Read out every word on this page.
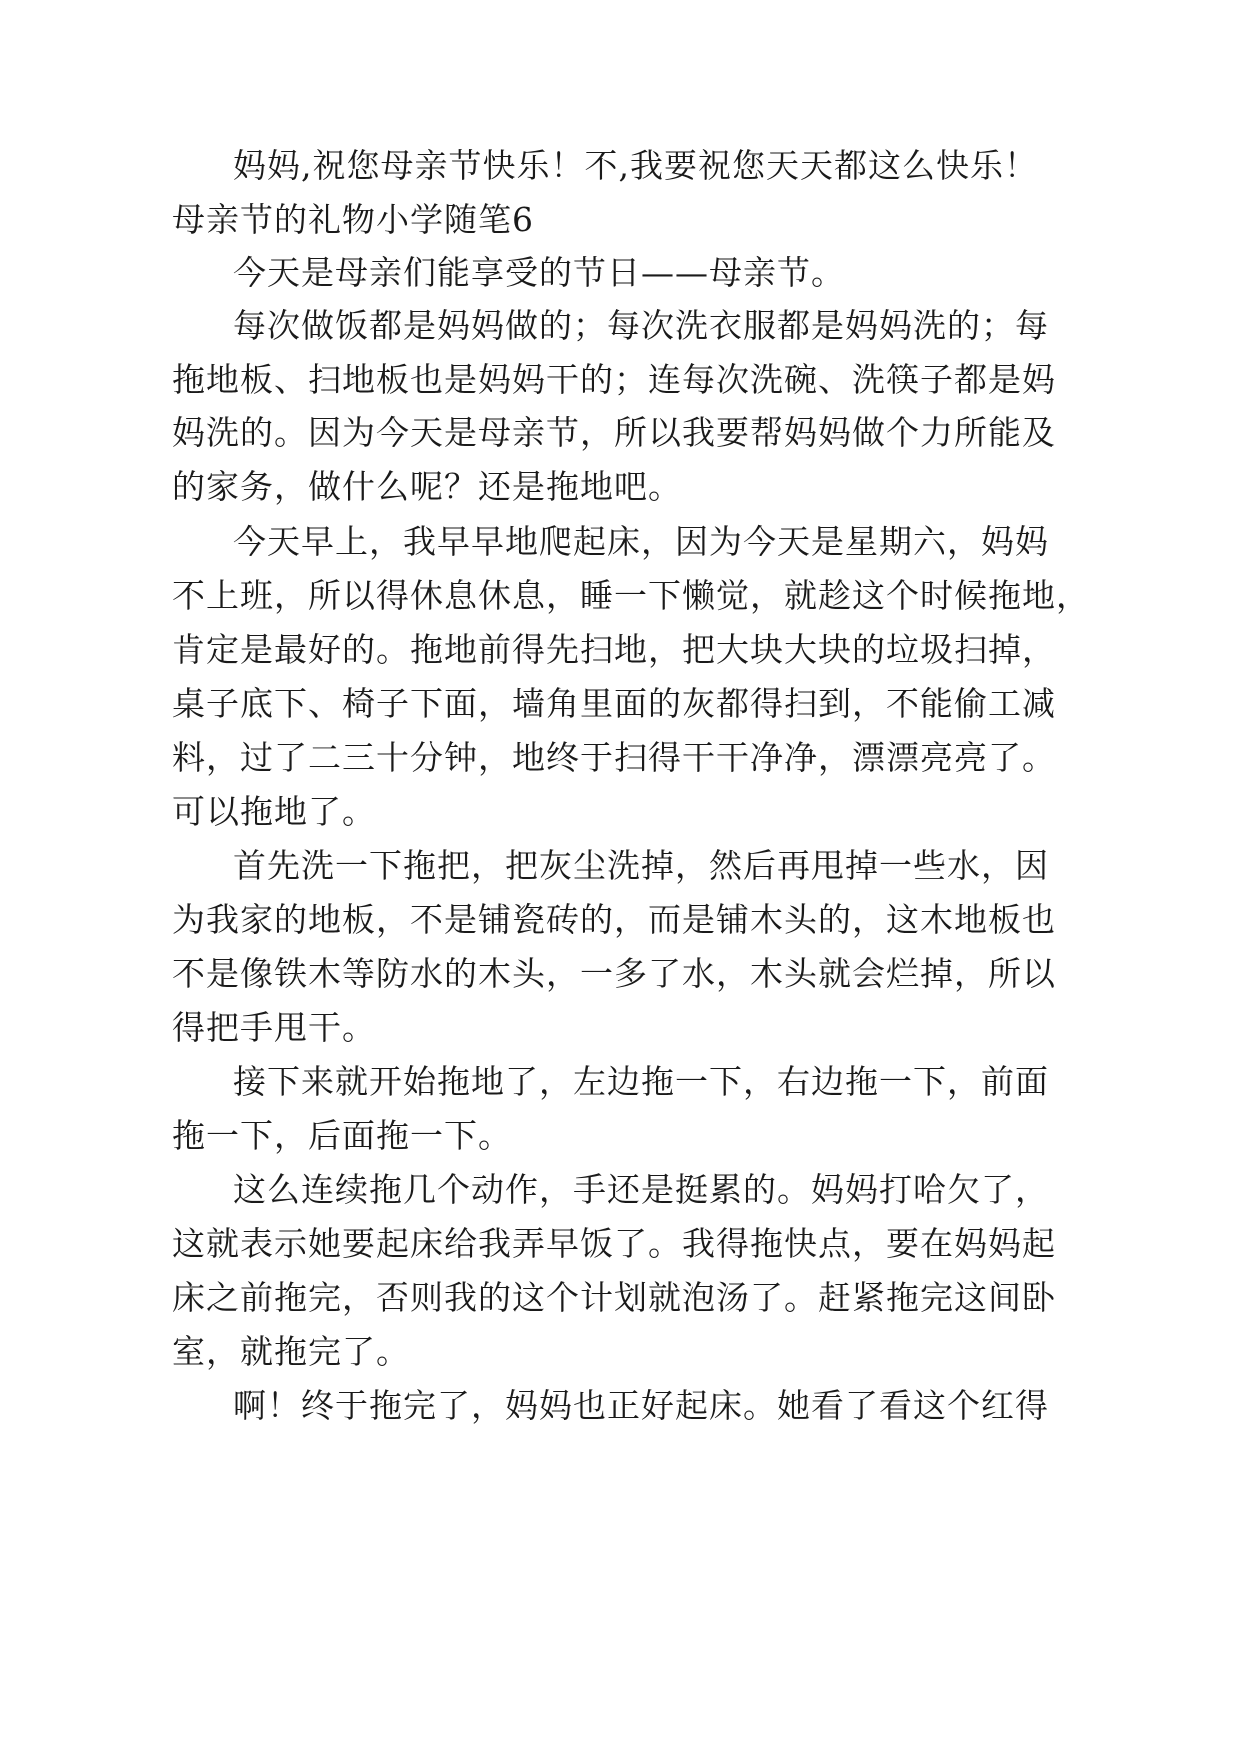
妈妈,祝您母亲节快乐！不,我要祝您天天都这么快乐！
母亲节的礼物小学随笔6
今天是母亲们能享受的节日——母亲节。
每次做饭都是妈妈做的；每次洗衣服都是妈妈洗的；每
拖地板、扫地板也是妈妈干的；连每次洗碗、洗筷子都是妈
妈洗的。因为今天是母亲节，所以我要帮妈妈做个力所能及
的家务，做什么呢？还是拖地吧。
今天早上，我早早地爬起床，因为今天是星期六，妈妈
不上班，所以得休息休息，睡一下懒觉，就趁这个时候拖地，
肯定是最好的。拖地前得先扫地，把大块大块的垃圾扫掉，
桌子底下、椅子下面，墙角里面的灰都得扫到，不能偷工减
料，过了二三十分钟，地终于扫得干干净净，漂漂亮亮了。
可以拖地了。
首先洗一下拖把，把灰尘洗掉，然后再甩掉一些水，因
为我家的地板，不是铺瓷砖的，而是铺木头的，这木地板也
不是像铁木等防水的木头，一多了水，木头就会烂掉，所以
得把手甩干。
接下来就开始拖地了，左边拖一下，右边拖一下，前面
拖一下，后面拖一下。
这么连续拖几个动作，手还是挺累的。妈妈打哈欠了，
这就表示她要起床给我弄早饭了。我得拖快点，要在妈妈起
床之前拖完，否则我的这个计划就泡汤了。赶紧拖完这间卧
室，就拖完了。
啊！终于拖完了，妈妈也正好起床。她看了看这个红得
